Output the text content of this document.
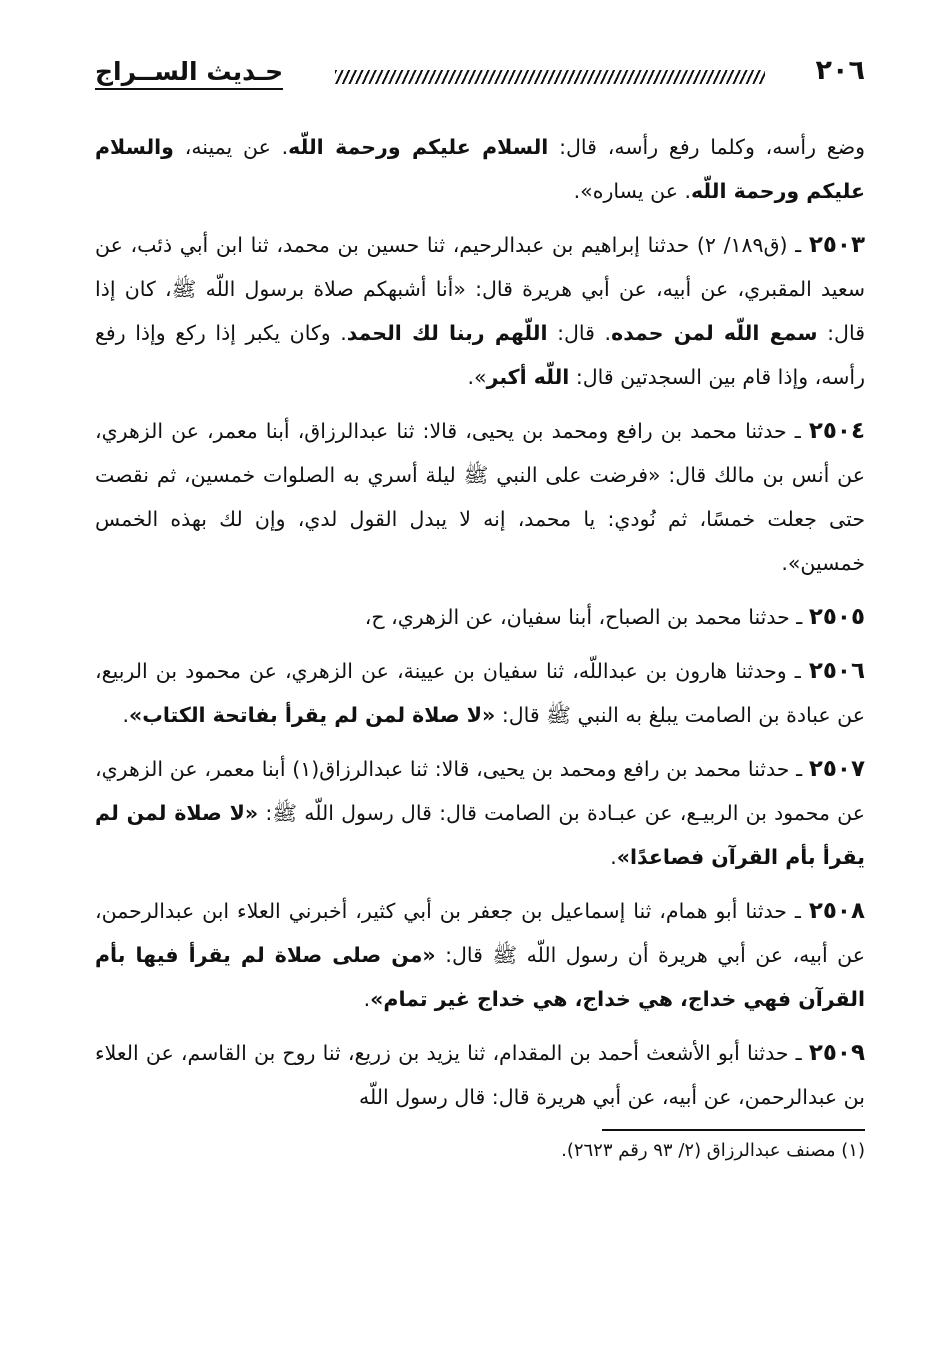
٢٠٦
حـديث الســراج

وضع رأسه، وكلما رفع رأسه، قال: السلام عليكم ورحمة اللّه. عن يمينه، والسلام عليكم ورحمة اللّه. عن يساره».

٢٥٠٣ ـ (ق١٨٩/ ٢) حدثنا إبراهيم بن عبدالرحيم، ثنا حسين بن محمد، ثنا ابن أبي ذئب، عن سعيد المقبري، عن أبيه، عن أبي هريرة قال: «أنا أشبهكم صلاة برسول اللّه ﷺ، كان إذا قال: سمع اللّه لمن حمده. قال: اللّهم ربنا لك الحمد. وكان يكبر إذا ركع وإذا رفع رأسه، وإذا قام بين السجدتين قال: اللّه أكبر».

٢٥٠٤ ـ حدثنا محمد بن رافع ومحمد بن يحيى، قالا: ثنا عبدالرزاق، أبنا معمر، عن الزهري، عن أنس بن مالك قال: «فرضت على النبي ﷺ ليلة أسري به الصلوات خمسين، ثم نقصت حتى جعلت خمسًا، ثم نُودي: يا محمد، إنه لا يبدل القول لدي، وإن لك بهذه الخمس خمسين».

٢٥٠٥ ـ حدثنا محمد بن الصباح، أبنا سفيان، عن الزهري، ح،

٢٥٠٦ ـ وحدثنا هارون بن عبداللّه، ثنا سفيان بن عيينة، عن الزهري، عن محمود بن الربيع، عن عبادة بن الصامت يبلغ به النبي ﷺ قال: «لا صلاة لمن لم يقرأ بفاتحة الكتاب».

٢٥٠٧ ـ حدثنا محمد بن رافع ومحمد بن يحيى، قالا: ثنا عبدالرزاق(١) أبنا معمر، عن الزهري، عن محمود بن الربيـع، عن عبـادة بن الصامت قال: قال رسول اللّه ﷺ: «لا صلاة لمن لم يقرأ بأم القرآن فصاعدًا».

٢٥٠٨ ـ حدثنا أبو همام، ثنا إسماعيل بن جعفر بن أبي كثير، أخبرني العلاء ابن عبدالرحمن، عن أبيه، عن أبي هريرة أن رسول اللّه ﷺ قال: «من صلى صلاة لم يقرأ فيها بأم القرآن فهي خداج، هي خداج، هي خداج غير تمام».

٢٥٠٩ ـ حدثنا أبو الأشعث أحمد بن المقدام، ثنا يزيد بن زريع، ثنا روح بن القاسم، عن العلاء بن عبدالرحمن، عن أبيه، عن أبي هريرة قال: قال رسول اللّه

(١) مصنف عبدالرزاق (٢/ ٩٣ رقم ٢٦٢٣).
